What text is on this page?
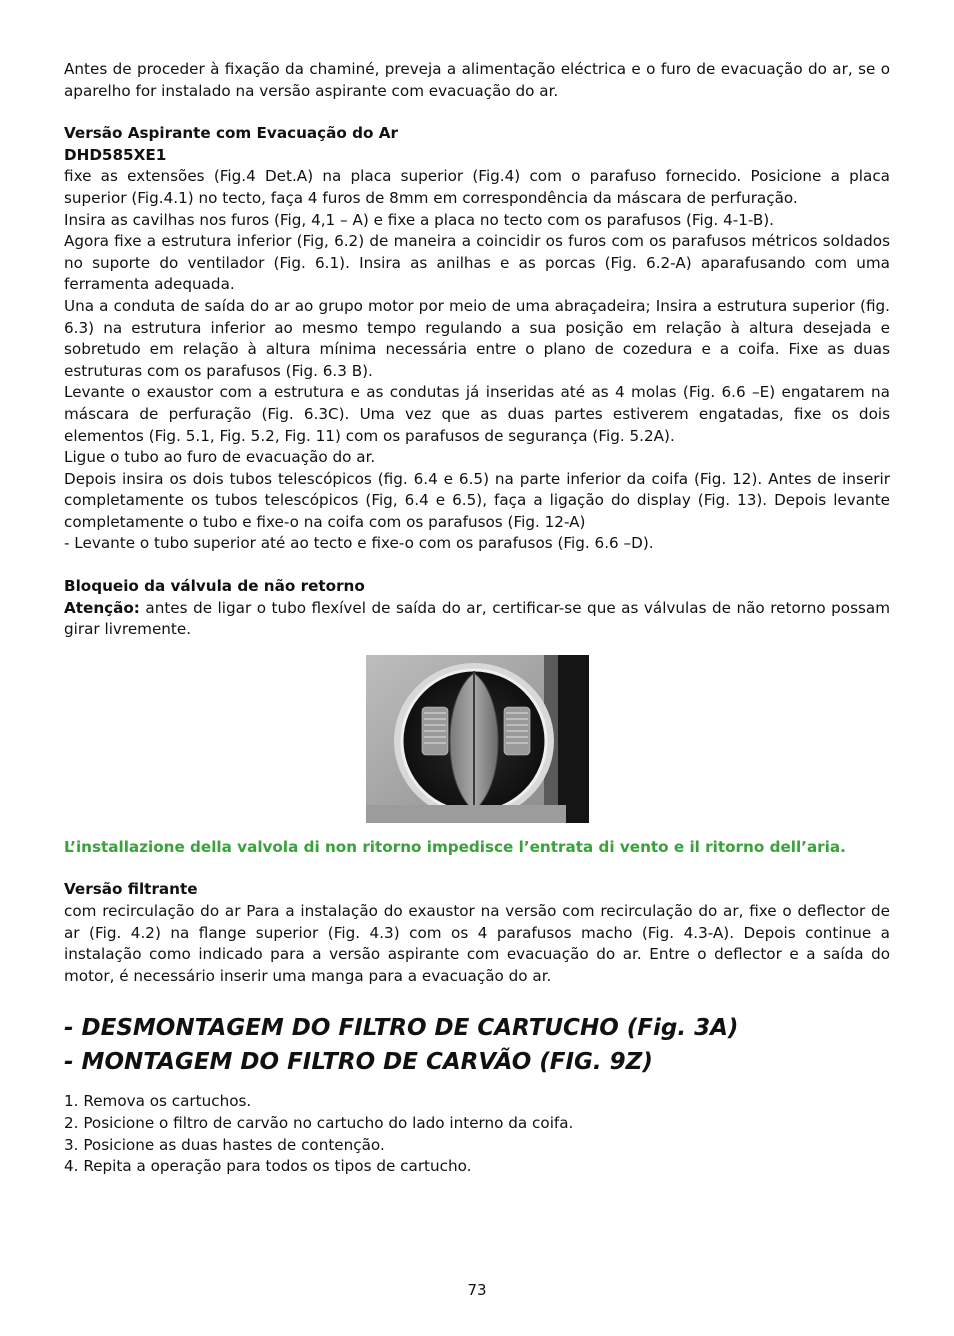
Antes de proceder à fixação da chaminé, preveja a alimentação eléctrica e o furo de evacuação do ar, se o aparelho for instalado na versão aspirante com evacuação do ar.

Versão Aspirante com Evacuação do Ar

DHD585XE1

fixe as extensões (Fig.4 Det.A) na placa superior (Fig.4) com o parafuso fornecido. Posicione a placa superior (Fig.4.1) no tecto, faça 4 furos de 8mm em correspondência da máscara de perfuração.

Insira as cavilhas nos furos (Fig, 4,1 – A) e fixe a placa no tecto com os parafusos (Fig. 4-1-B).

Agora fixe a estrutura inferior (Fig, 6.2) de maneira a coincidir os furos com os parafusos métricos soldados no suporte do ventilador (Fig. 6.1). Insira as anilhas e as porcas (Fig. 6.2-A) aparafusando com uma ferramenta adequada.

Una a conduta de saída do ar ao grupo motor por meio de uma abraçadeira; Insira a estrutura superior (fig. 6.3) na estrutura inferior ao mesmo tempo regulando a sua posição em relação à altura desejada e sobretudo em relação à altura mínima necessária entre o plano de cozedura e a coifa. Fixe as duas estruturas com os parafusos (Fig. 6.3 B).

Levante o exaustor com a estrutura e as condutas já inseridas até as 4 molas (Fig. 6.6 –E) engatarem na máscara de perfuração (Fig. 6.3C). Uma vez que as duas partes estiverem engatadas, fixe os dois elementos (Fig. 5.1, Fig. 5.2, Fig. 11) com os parafusos de segurança (Fig. 5.2A).

Ligue o tubo ao furo de evacuação do ar.

Depois insira os dois tubos telescópicos (fig. 6.4 e 6.5) na parte inferior da coifa (Fig. 12). Antes de inserir completamente os tubos telescópicos (Fig, 6.4 e 6.5), faça a ligação do display (Fig. 13). Depois levante completamente o tubo e fixe-o na coifa com os parafusos (Fig. 12-A)

- Levante o tubo superior até ao tecto e fixe-o com os parafusos (Fig. 6.6 –D).

Bloqueio da válvula de não retorno

Atenção: antes de ligar o tubo flexível de saída do ar, certificar-se que as válvulas de não retorno possam girar livremente.

L’installazione della valvola di non ritorno impedisce l’entrata di vento e il ritorno dell’aria.

Versão filtrante

com recirculação do ar Para a instalação do exaustor na versão com recirculação do ar, fixe o deflector de ar (Fig. 4.2) na flange superior (Fig. 4.3) com os 4 parafusos macho (Fig. 4.3-A). Depois continue a instalação como indicado para a versão aspirante com evacuação do ar. Entre o deflector e a saída do motor, é necessário inserir uma manga para a evacuação do ar.

- DESMONTAGEM DO FILTRO DE CARTUCHO (Fig. 3A)

- MONTAGEM DO FILTRO DE CARVÃO (FIG. 9Z)

1. Remova os cartuchos.

2. Posicione o filtro de carvão no cartucho do lado interno da coifa.

3. Posicione as duas hastes de contenção.

4. Repita a operação para todos os tipos de cartucho.

73
